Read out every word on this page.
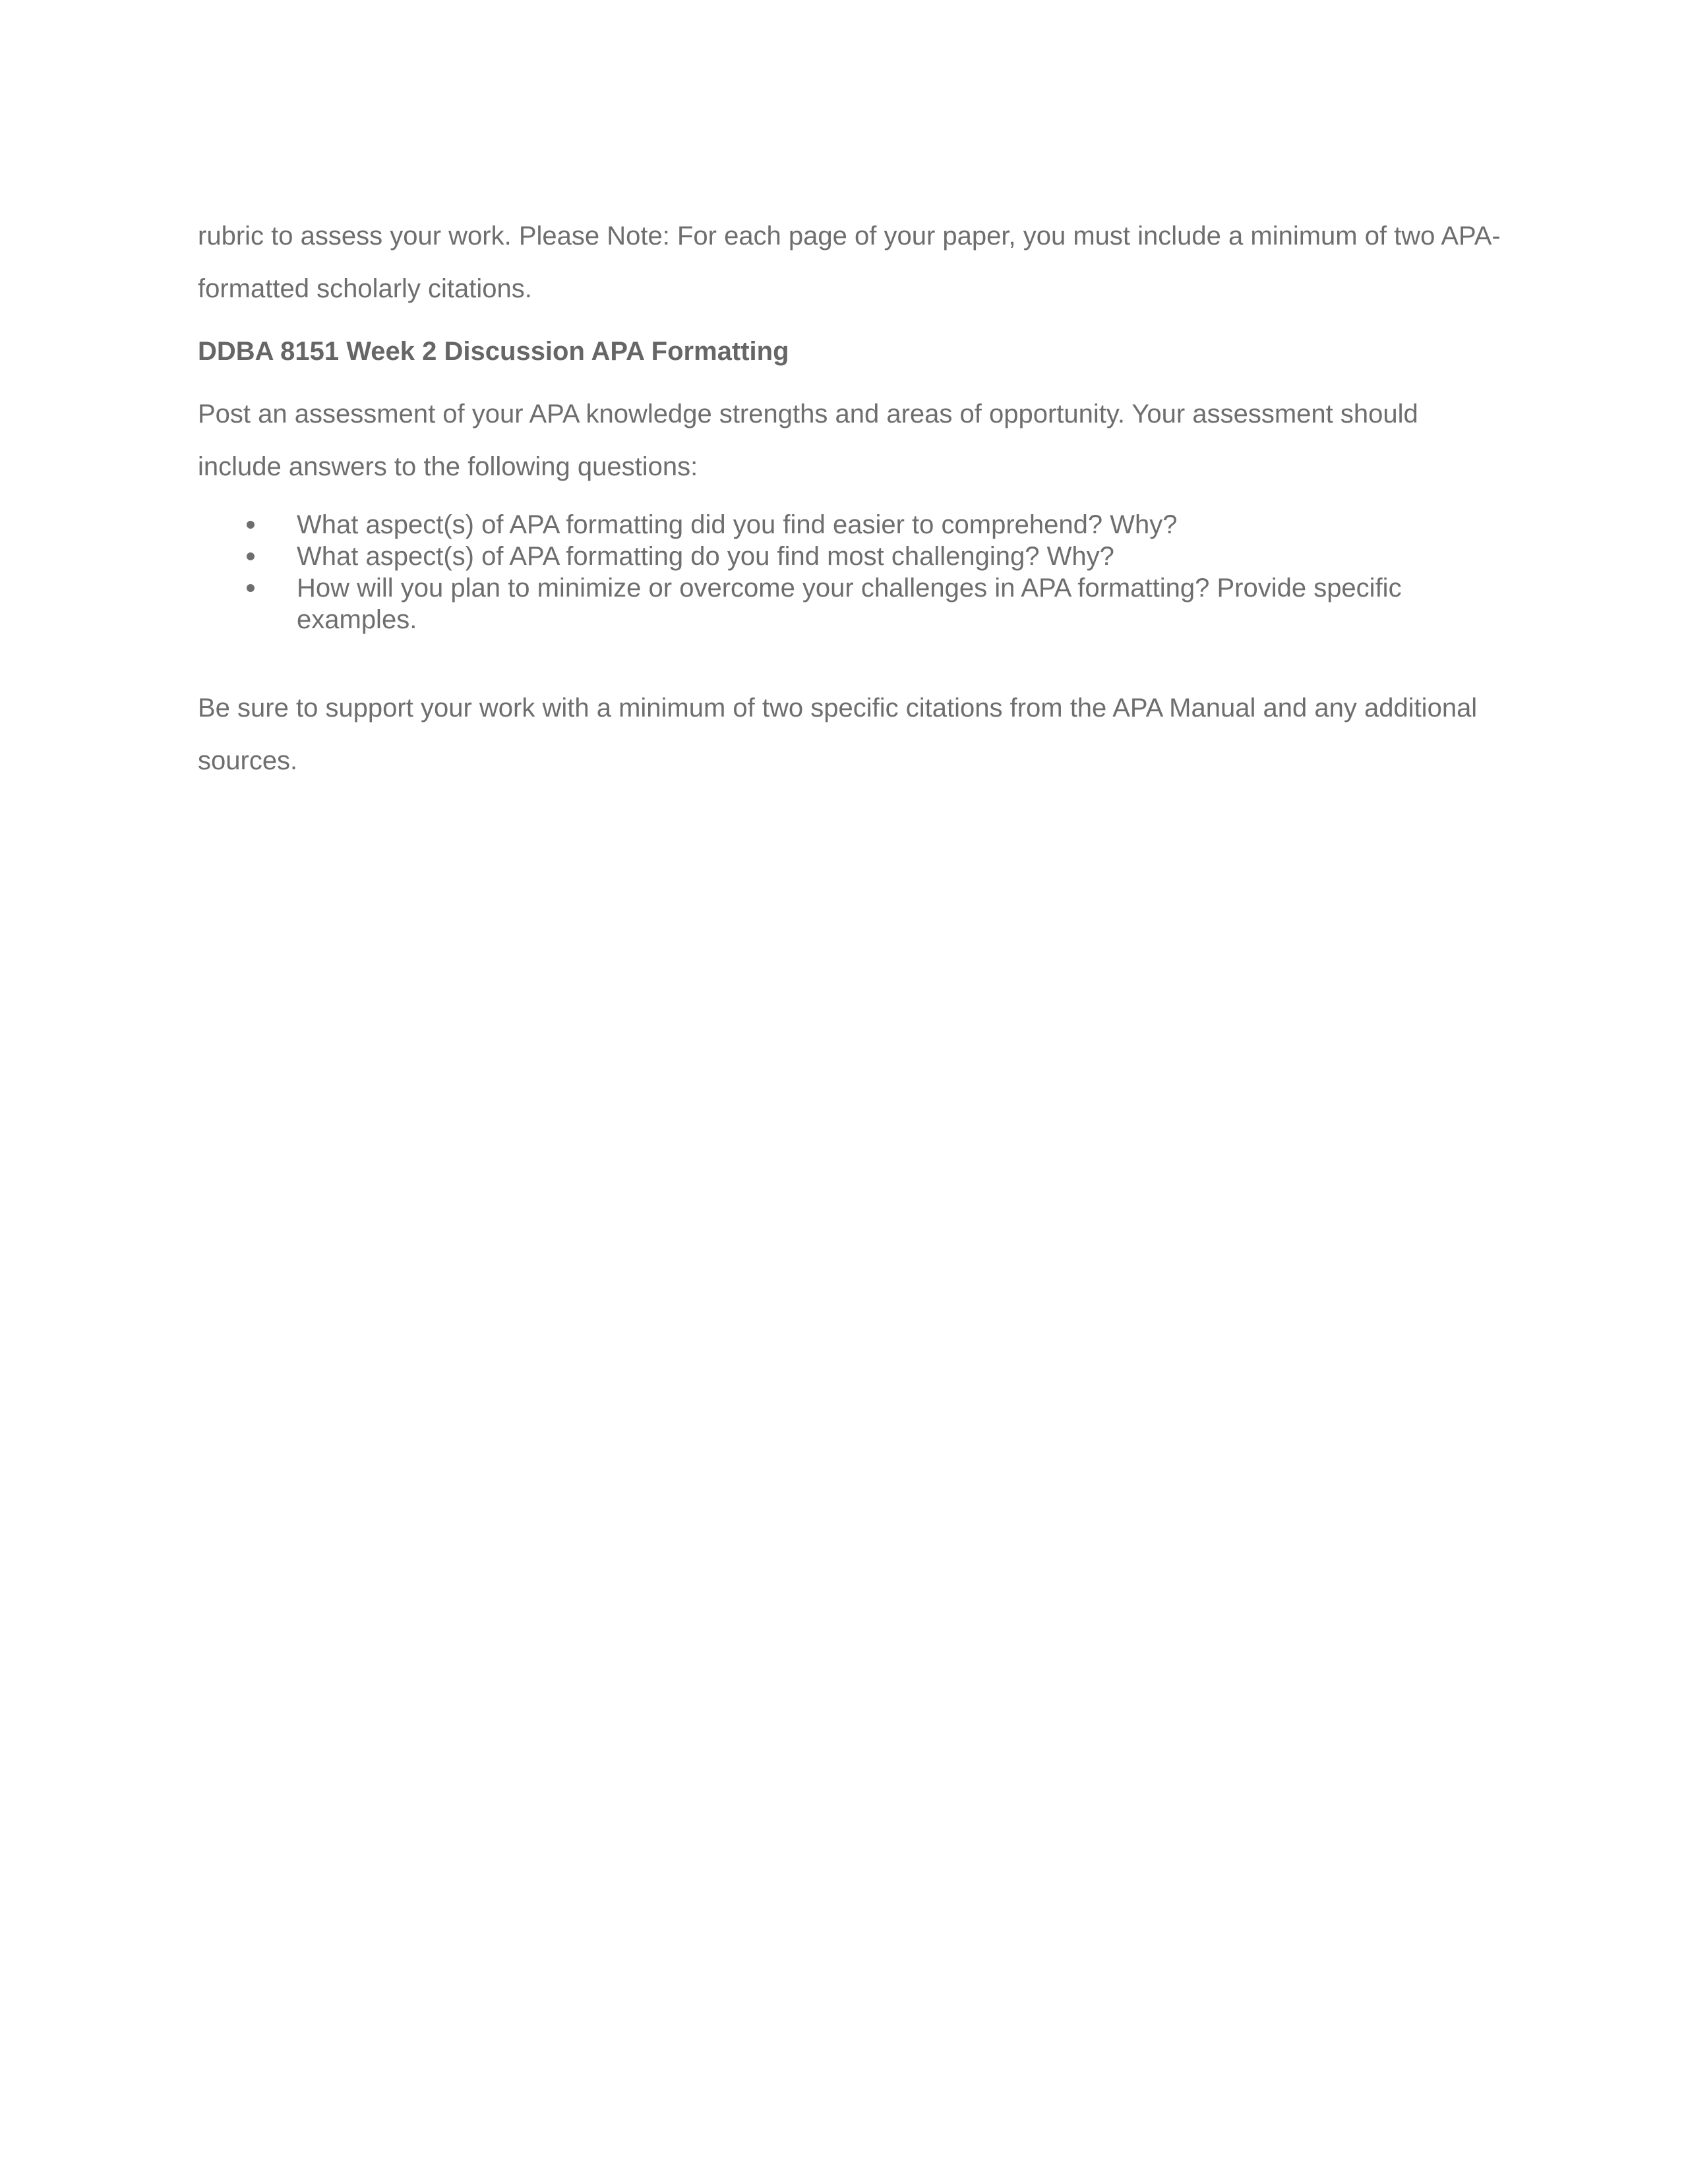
rubric to assess your work. Please Note: For each page of your paper, you must include a minimum of two APA-formatted scholarly citations.

DDBA 8151 Week 2 Discussion APA Formatting

Post an assessment of your APA knowledge strengths and areas of opportunity. Your assessment should include answers to the following questions:

What aspect(s) of APA formatting did you find easier to comprehend? Why?
What aspect(s) of APA formatting do you find most challenging? Why?
How will you plan to minimize or overcome your challenges in APA formatting? Provide specific examples.

Be sure to support your work with a minimum of two specific citations from the APA Manual and any additional sources.
